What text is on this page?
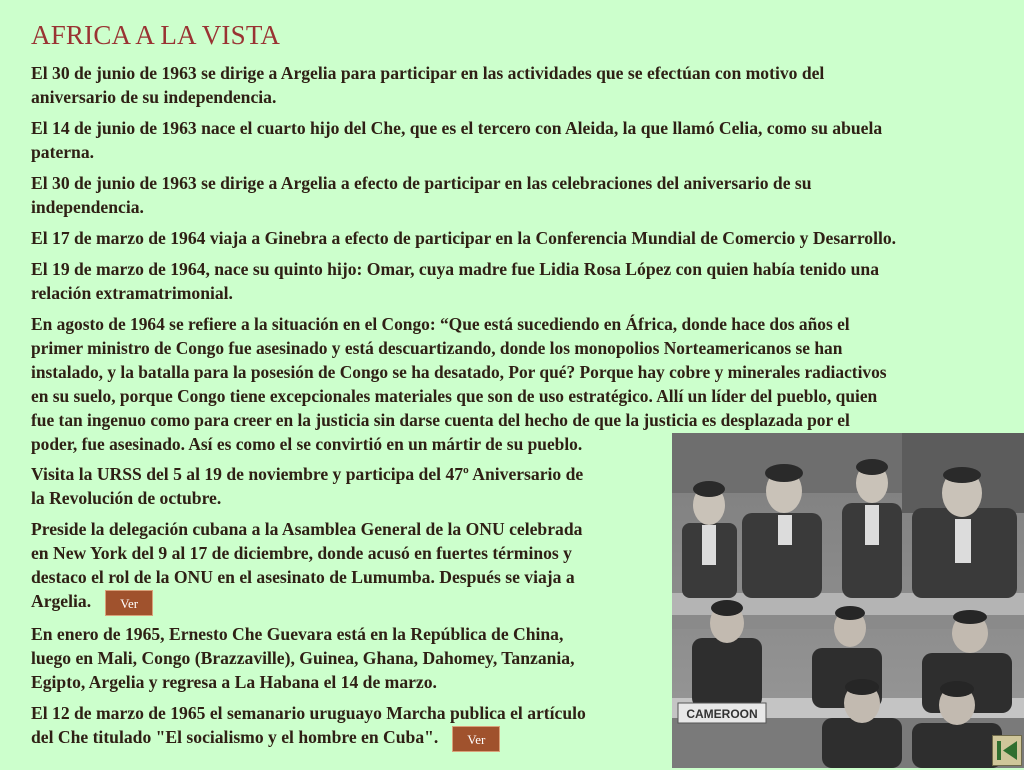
AFRICA A LA VISTA

El 30 de junio de 1963 se dirige a Argelia para participar en las actividades que se efectúan con motivo del
aniversario de su independencia.

El 14 de junio de 1963 nace el cuarto hijo del Che, que es el tercero con Aleida, la que llamó Celia, como su abuela
paterna.

El 30 de junio de 1963 se dirige a Argelia a efecto de participar en las celebraciones del aniversario de su
independencia.

El 17 de marzo de 1964 viaja a Ginebra a efecto de participar en la Conferencia Mundial de Comercio y Desarrollo.

El 19 de marzo de 1964, nace su quinto hijo: Omar, cuya madre fue Lidia Rosa López con quien había tenido una
relación extramatrimonial.

En agosto de 1964 se refiere a la situación en el Congo: “Que está sucediendo en África, donde hace dos años el
primer ministro de Congo fue asesinado y está descuartizando, donde los monopolios Norteamericanos se han
instalado, y la batalla para la posesión de Congo se ha desatado, Por qué? Porque hay cobre y minerales radiactivos
en su suelo, porque Congo tiene excepcionales materiales que son de uso estratégico. Allí un líder del pueblo, quien
fue tan ingenuo como para creer en la justicia sin darse cuenta del hecho de que la justicia es desplazada por el
poder, fue asesinado. Así es como el se convirtió en un mártir de su pueblo.

Visita la URSS del 5 al 19 de noviembre y participa del 47º Aniversario de
la Revolución de octubre.

Preside la delegación cubana a la Asamblea General de la ONU celebrada
en New York del 9 al 17 de diciembre, donde acusó en fuertes términos y
destaco el rol de la ONU en el asesinato de Lumumba. Después se viaja a
Argelia. Ver

En enero de 1965, Ernesto Che Guevara está en la República de China,
luego en Mali, Congo (Brazzaville), Guinea, Ghana, Dahomey, Tanzania,
Egipto, Argelia y regresa a La Habana el 14 de marzo.

El 12 de marzo de 1965 el semanario uruguayo Marcha publica el artículo
del Che titulado "El socialismo y el hombre en Cuba". Ver

CAMEROON
